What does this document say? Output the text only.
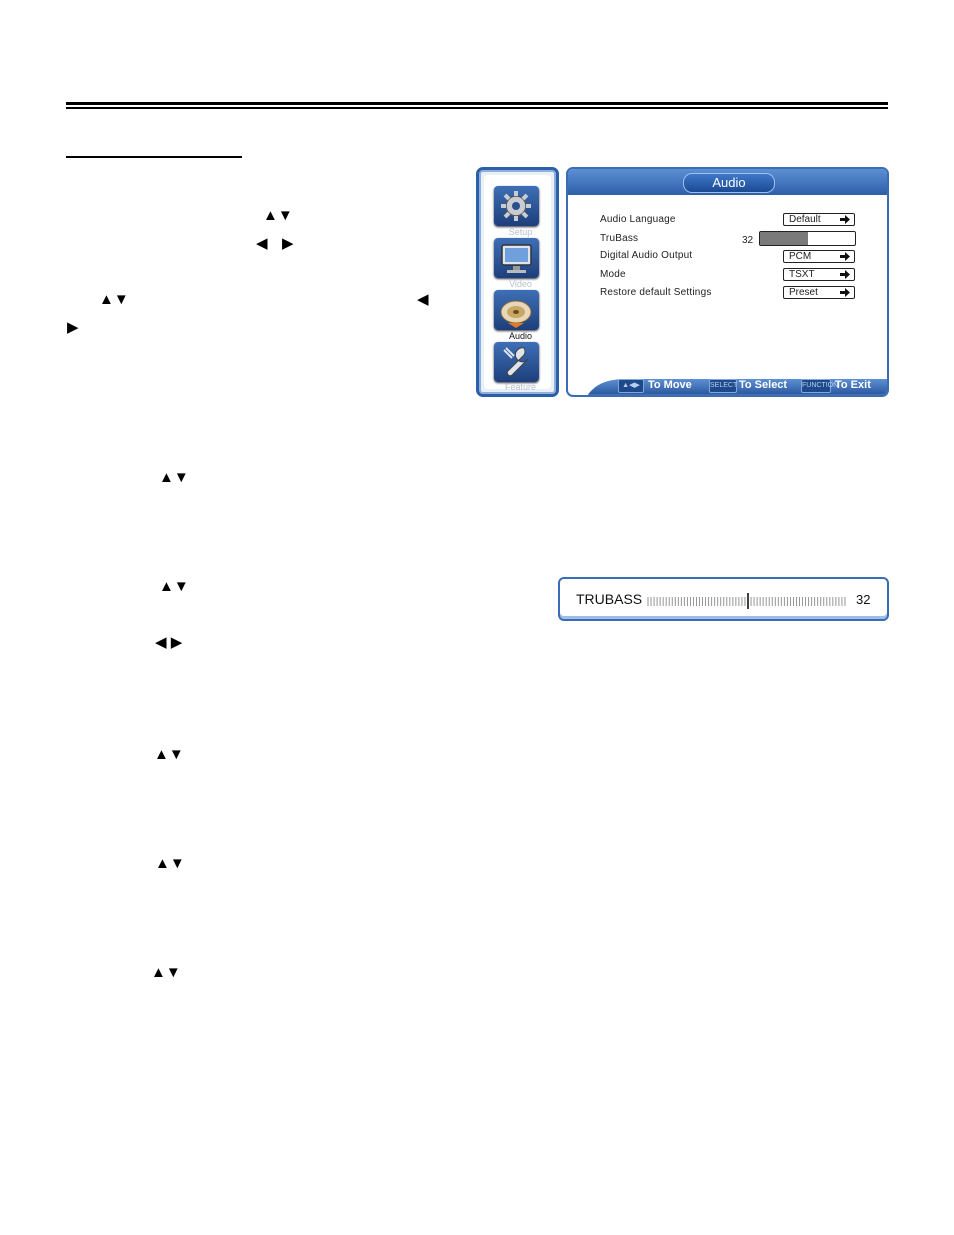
▲▼
◀ ▶
▲▼	◀
▶
▲▼
▲▼
◀ ▶
▲▼
▲▼
▲▼
Setup
Video
Audio
Feature
Audio
Audio Language	Default
TruBass	32
Digital Audio Output	PCM
Mode	TSXT
Restore default Settings	Preset
▲◀▶ To Move	SELECT To Select FUNCTION
To Exit
TRUBASS	32
